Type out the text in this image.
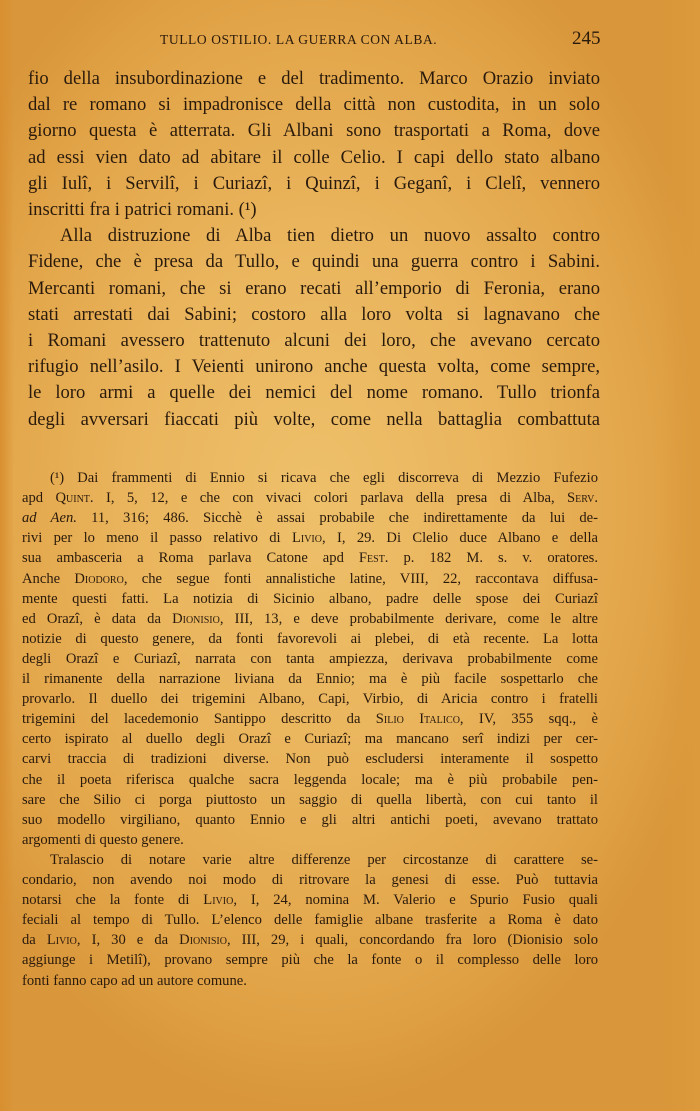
TULLO OSTILIO. LA GUERRA CON ALBA.	245
fio della insubordinazione e del tradimento. Marco Orazio inviato
dal re romano si impadronisce della città non custodita, in un solo
giorno questa è atterrata. Gli Albani sono trasportati a Roma, dove
ad essi vien dato ad abitare il colle Celio. I capi dello stato albano
gli Iulî, i Servilî, i Curiazî, i Quinzî, i Geganî, i Clelî, vennero
inscritti fra i patrici romani. (¹)
Alla distruzione di Alba tien dietro un nuovo assalto contro
Fidene, che è presa da Tullo, e quindi una guerra contro i Sabini.
Mercanti romani, che si erano recati all’emporio di Feronia, erano
stati arrestati dai Sabini; costoro alla loro volta si lagnavano che
i Romani avessero trattenuto alcuni dei loro, che avevano cercato
rifugio nell’asilo. I Veienti unirono anche questa volta, come sempre,
le loro armi a quelle dei nemici del nome romano. Tullo trionfa
degli avversari fiaccati più volte, come nella battaglia combattuta
(¹) Dai frammenti di Ennio si ricava che egli discorreva di Mezzio Fufezio
apd Quint. I, 5, 12, e che con vivaci colori parlava della presa di Alba, Serv.
ad Aen. 11, 316; 486. Sicchè è assai probabile che indirettamente da lui de-
rivi per lo meno il passo relativo di Livio, I, 29. Di Clelio duce Albano e della
sua ambasceria a Roma parlava Catone apd Fest. p. 182 M. s. v. oratores.
Anche Diodoro, che segue fonti annalistiche latine, VIII, 22, raccontava diffusa-
mente questi fatti. La notizia di Sicinio albano, padre delle spose dei Curiazî
ed Orazî, è data da Dionisio, III, 13, e deve probabilmente derivare, come le altre
notizie di questo genere, da fonti favorevoli ai plebei, di età recente. La lotta
degli Orazî e Curiazî, narrata con tanta ampiezza, derivava probabilmente come
il rimanente della narrazione liviana da Ennio; ma è più facile sospettarlo che
provarlo. Il duello dei trigemini Albano, Capi, Virbio, di Aricia contro i fratelli
trigemini del lacedemonio Santippo descritto da Silio Italico, IV, 355 sqq., è
certo ispirato al duello degli Orazî e Curiazî; ma mancano serî indizi per cer-
carvi traccia di tradizioni diverse. Non può escludersi interamente il sospetto
che il poeta riferisca qualche sacra leggenda locale; ma è più probabile pen-
sare che Silio ci porga piuttosto un saggio di quella libertà, con cui tanto il
suo modello virgiliano, quanto Ennio e gli altri antichi poeti, avevano trattato
argomenti di questo genere.
Tralascio di notare varie altre differenze per circostanze di carattere se-
condario, non avendo noi modo di ritrovare la genesi di esse. Può tuttavia
notarsi che la fonte di Livio, I, 24, nomina M. Valerio e Spurio Fusio quali
feciali al tempo di Tullo. L’elenco delle famiglie albane trasferite a Roma è dato
da Livio, I, 30 e da Dionisio, III, 29, i quali, concordando fra loro (Dionisio solo
aggiunge i Metilî), provano sempre più che la fonte o il complesso delle loro
fonti fanno capo ad un autore comune.
